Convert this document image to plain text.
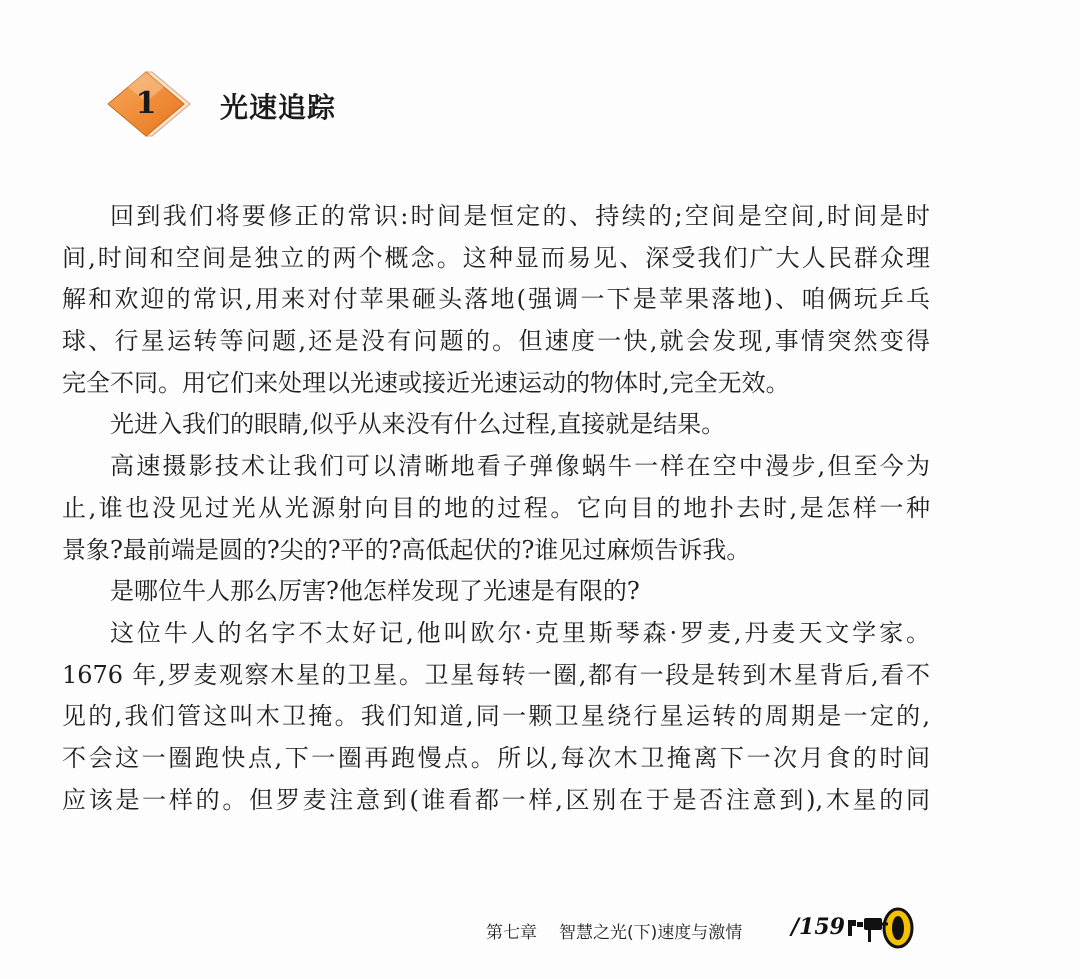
1	光速追踪
回到我们将要修正的常识:时间是恒定的、持续的;空间是空间,时间是时
间,时间和空间是独立的两个概念。这种显而易见、深受我们广大人民群众理
解和欢迎的常识,用来对付苹果砸头落地(强调一下是苹果落地)、咱俩玩乒乓
球、行星运转等问题,还是没有问题的。但速度一快,就会发现,事情突然变得
完全不同。用它们来处理以光速或接近光速运动的物体时,完全无效。
光进入我们的眼睛,似乎从来没有什么过程,直接就是结果。
高速摄影技术让我们可以清晰地看子弹像蜗牛一样在空中漫步,但至今为
止,谁也没见过光从光源射向目的地的过程。它向目的地扑去时,是怎样一种
景象?最前端是圆的?尖的?平的?高低起伏的?谁见过麻烦告诉我。
是哪位牛人那么厉害?他怎样发现了光速是有限的?
这位牛人的名字不太好记,他叫欧尔·克里斯琴森·罗麦,丹麦天文学家。
1676 年,罗麦观察木星的卫星。卫星每转一圈,都有一段是转到木星背后,看不
见的,我们管这叫木卫掩。我们知道,同一颗卫星绕行星运转的周期是一定的,
不会这一圈跑快点,下一圈再跑慢点。所以,每次木卫掩离下一次月食的时间
应该是一样的。但罗麦注意到(谁看都一样,区别在于是否注意到),木星的同
第七章 智慧之光(下)速度与激情 /159
